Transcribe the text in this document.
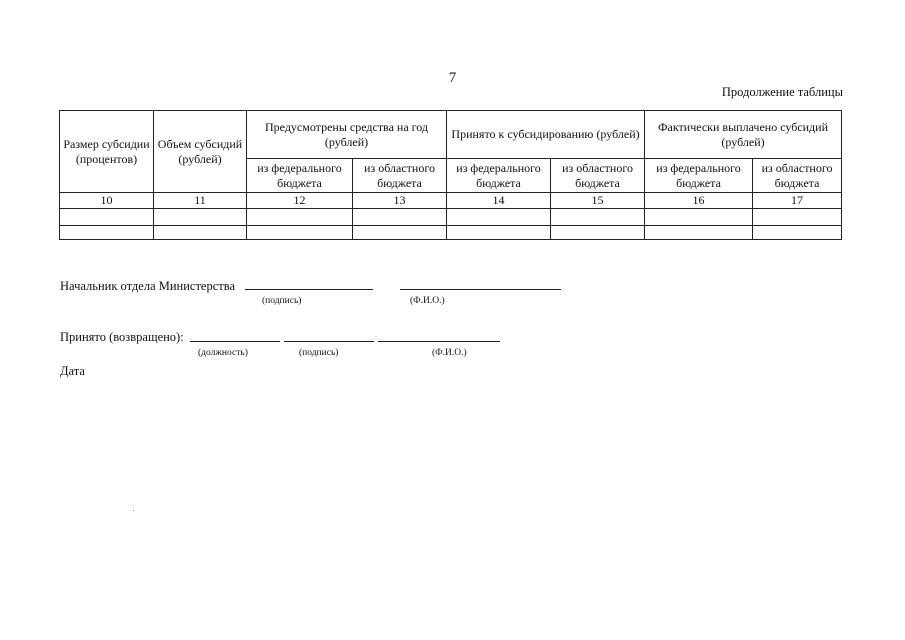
7
Продолжение таблицы
Размер субсидии (процентов)	Объем субсидий (рублей)	Предусмотрены средства на год (рублей)		Принято к субсидированию (рублей)		Фактически выплачено субсидий (рублей)	
		из федерального бюджета	из областного бюджета	из федерального бюджета	из областного бюджета	из федерального бюджета	из областного бюджета
10	11	12	13	14	15	16	17

Начальник отдела Министерства
(подпись)	(Ф.И.О.)
Принято (возвращено):
(должность)	(подпись)	(Ф.И.О.)
Дата
